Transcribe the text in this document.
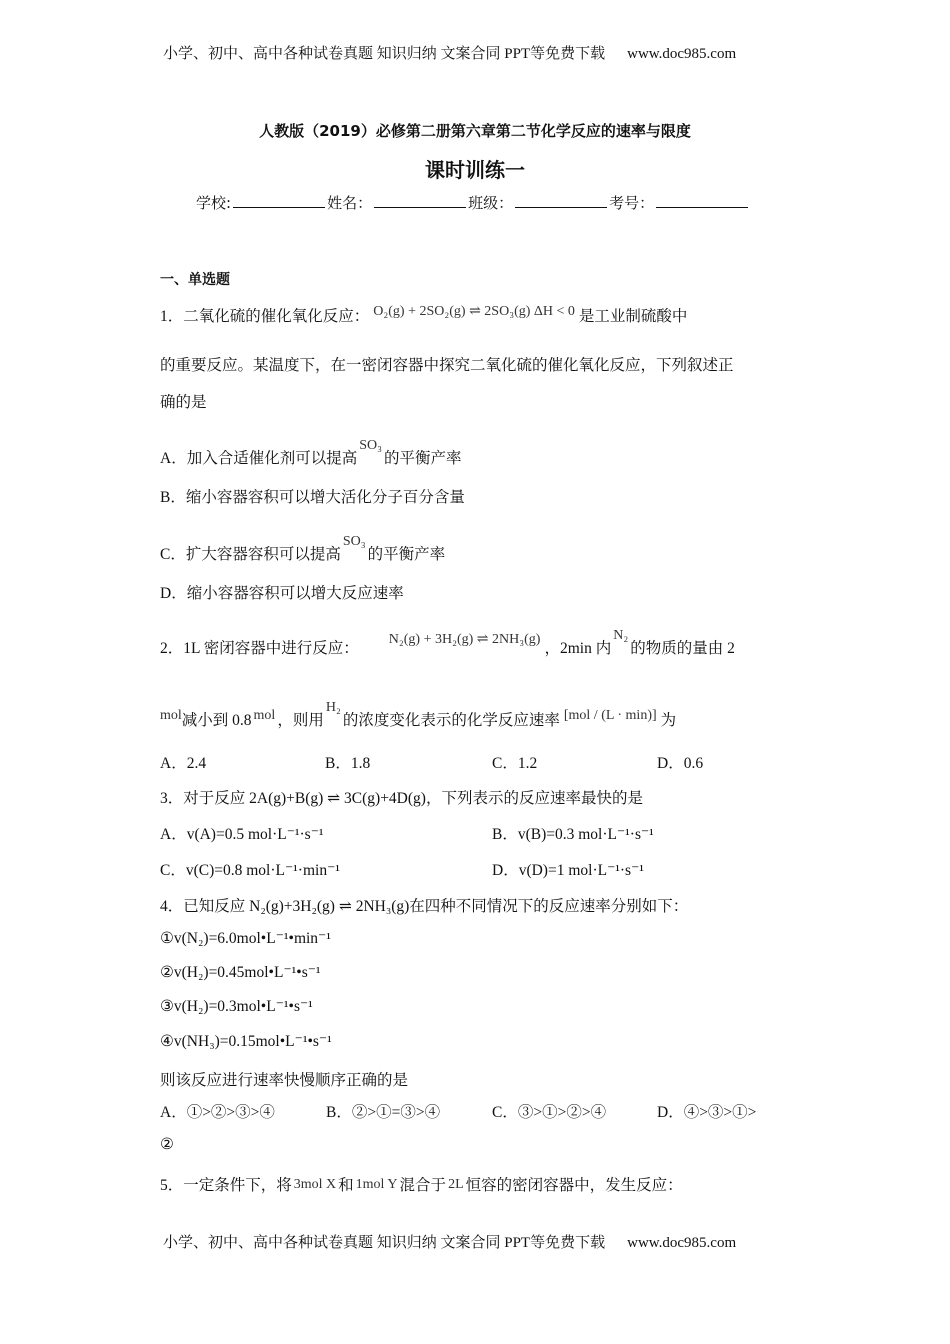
小学、初中、高中各种试卷真题 知识归纳 文案合同 PPT等免费下载 www.doc985.com
人教版（2019）必修第二册第六章第二节化学反应的速率与限度
课时训练一
学校:	姓名：	班级：	考号：
一、单选题
1．二氧化硫的催化氧化反应： O₂(g) + 2SO₂(g) ⇌ 2SO₃(g) ΔH < 0 是工业制硫酸中
的重要反应。某温度下，在一密闭容器中探究二氧化硫的催化氧化反应，下列叙述正
确的是
A．加入合适催化剂可以提高SO₃的平衡产率
B．缩小容器容积可以增大活化分子百分含量
C．扩大容器容积可以提高SO₃的平衡产率
D．缩小容器容积可以增大反应速率
2．1L 密闭容器中进行反应：N₂(g) + 3H₂(g) ⇌ 2NH₃(g)，2min 内N₂的物质的量由 2
mol减小到 0.8 mol ，则用H₂的浓度变化表示的化学反应速率 [mol / (L · min)] 为
A．2.4	B．1.8	C．1.2	D．0.6
3．对于反应 2A(g)+B(g) ⇌ 3C(g)+4D(g)，下列表示的反应速率最快的是
A．v(A)=0.5 mol·L⁻¹·s⁻¹	B．v(B)=0.3 mol·L⁻¹·s⁻¹
C．v(C)=0.8 mol·L⁻¹·min⁻¹	D．v(D)=1 mol·L⁻¹·s⁻¹
4．已知反应 N₂(g)+3H₂(g) ⇌ 2NH₃(g)在四种不同情况下的反应速率分别如下：
①v(N₂)=6.0mol•L⁻¹•min⁻¹
②v(H₂)=0.45mol•L⁻¹•s⁻¹
③v(H₂)=0.3mol•L⁻¹•s⁻¹
④v(NH₃)=0.15mol•L⁻¹•s⁻¹
则该反应进行速率快慢顺序正确的是
A．①>②>③>④	B．②>①=③>④	C．③>①>②>④	D．④>③>①>
②
5．一定条件下，将 3mol X 和 1mol Y 混合于 2L 恒容的密闭容器中，发生反应：
小学、初中、高中各种试卷真题 知识归纳 文案合同 PPT等免费下载 www.doc985.com
